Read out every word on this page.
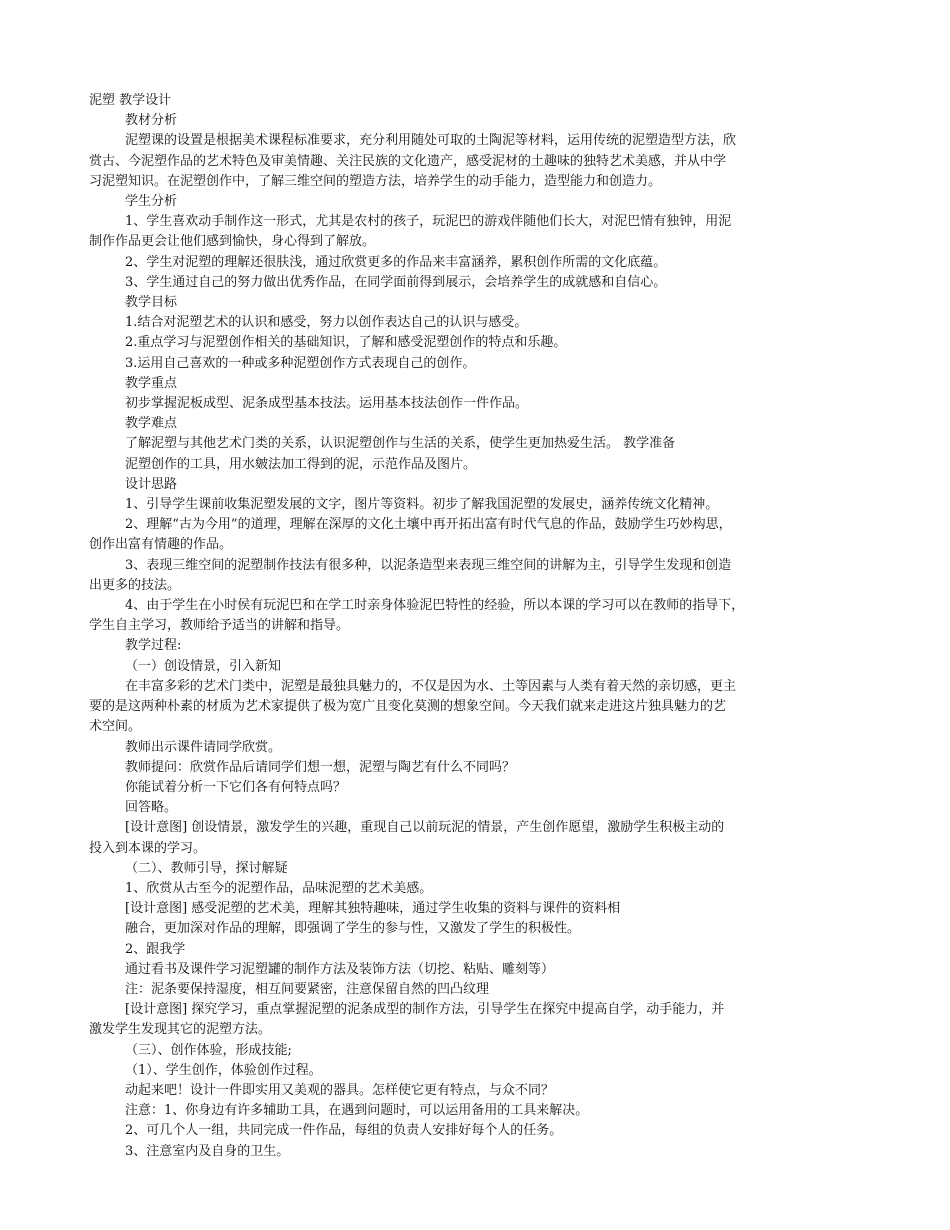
泥塑 教学设计
教材分析
泥塑课的设置是根据美术课程标准要求，充分利用随处可取的土陶泥等材料，运用传统的泥塑造型方法，欣
赏古、今泥塑作品的艺术特色及审美情趣、关注民族的文化遗产，感受泥材的土趣味的独特艺术美感，并从中学
习泥塑知识。在泥塑创作中，了解三维空间的塑造方法，培养学生的动手能力，造型能力和创造力。
学生分析
1、学生喜欢动手制作这一形式，尤其是农村的孩子，玩泥巴的游戏伴随他们长大，对泥巴情有独钟，用泥
制作作品更会让他们感到愉快，身心得到了解放。
2、学生对泥塑的理解还很肤浅，通过欣赏更多的作品来丰富涵养，累积创作所需的文化底蕴。
3、学生通过自己的努力做出优秀作品，在同学面前得到展示，会培养学生的成就感和自信心。
教学目标
1.结合对泥塑艺术的认识和感受，努力以创作表达自己的认识与感受。
2.重点学习与泥塑创作相关的基础知识，了解和感受泥塑创作的特点和乐趣。
3.运用自己喜欢的一种或多种泥塑创作方式表现自己的创作。
教学重点
初步掌握泥板成型、泥条成型基本技法。运用基本技法创作一件作品。
教学难点
了解泥塑与其他艺术门类的关系，认识泥塑创作与生活的关系，使学生更加热爱生活。 教学准备
泥塑创作的工具，用水皴法加工得到的泥，示范作品及图片。
设计思路
1、引导学生课前收集泥塑发展的文字，图片等资料。初步了解我国泥塑的发展史，涵养传统文化精神。
2、理解“古为今用”的道理，理解在深厚的文化土壤中再开拓出富有时代气息的作品，鼓励学生巧妙构思，
创作出富有情趣的作品。
3、表现三维空间的泥塑制作技法有很多种，以泥条造型来表现三维空间的讲解为主，引导学生发现和创造
出更多的技法。
4、由于学生在小时侯有玩泥巴和在学工时亲身体验泥巴特性的经验，所以本课的学习可以在教师的指导下，
学生自主学习，教师给予适当的讲解和指导。
教学过程:
（一）创设情景，引入新知
在丰富多彩的艺术门类中，泥塑是最独具魅力的，不仅是因为水、土等因素与人类有着天然的亲切感，更主
要的是这两种朴素的材质为艺术家提供了极为宽广且变化莫测的想象空间。今天我们就来走进这片独具魅力的艺
术空间。
教师出示课件请同学欣赏。
教师提问：欣赏作品后请同学们想一想，泥塑与陶艺有什么不同吗？
你能试着分析一下它们各有何特点吗？
回答略。
[设计意图] 创设情景，激发学生的兴趣，重现自己以前玩泥的情景，产生创作愿望，激励学生积极主动的
投入到本课的学习。
（二）、教师引导，探讨解疑
1、欣赏从古至今的泥塑作品，品味泥塑的艺术美感。
[设计意图] 感受泥塑的艺术美，理解其独特趣味，通过学生收集的资料与课件的资料相
融合，更加深对作品的理解，即强调了学生的参与性，又激发了学生的积极性。
2、跟我学
通过看书及课件学习泥塑罐的制作方法及装饰方法（切挖、粘贴、雕刻等）
注：泥条要保持湿度，相互间要紧密，注意保留自然的凹凸纹理
[设计意图] 探究学习，重点掌握泥塑的泥条成型的制作方法，引导学生在探究中提高自学，动手能力，并
激发学生发现其它的泥塑方法。
（三）、创作体验，形成技能;
（1）、学生创作，体验创作过程。
动起来吧！设计一件即实用又美观的器具。怎样使它更有特点，与众不同？
注意：1、你身边有许多辅助工具，在遇到问题时，可以运用备用的工具来解决。
2、可几个人一组，共同完成一件作品，每组的负责人安排好每个人的任务。
3、注意室内及自身的卫生。
